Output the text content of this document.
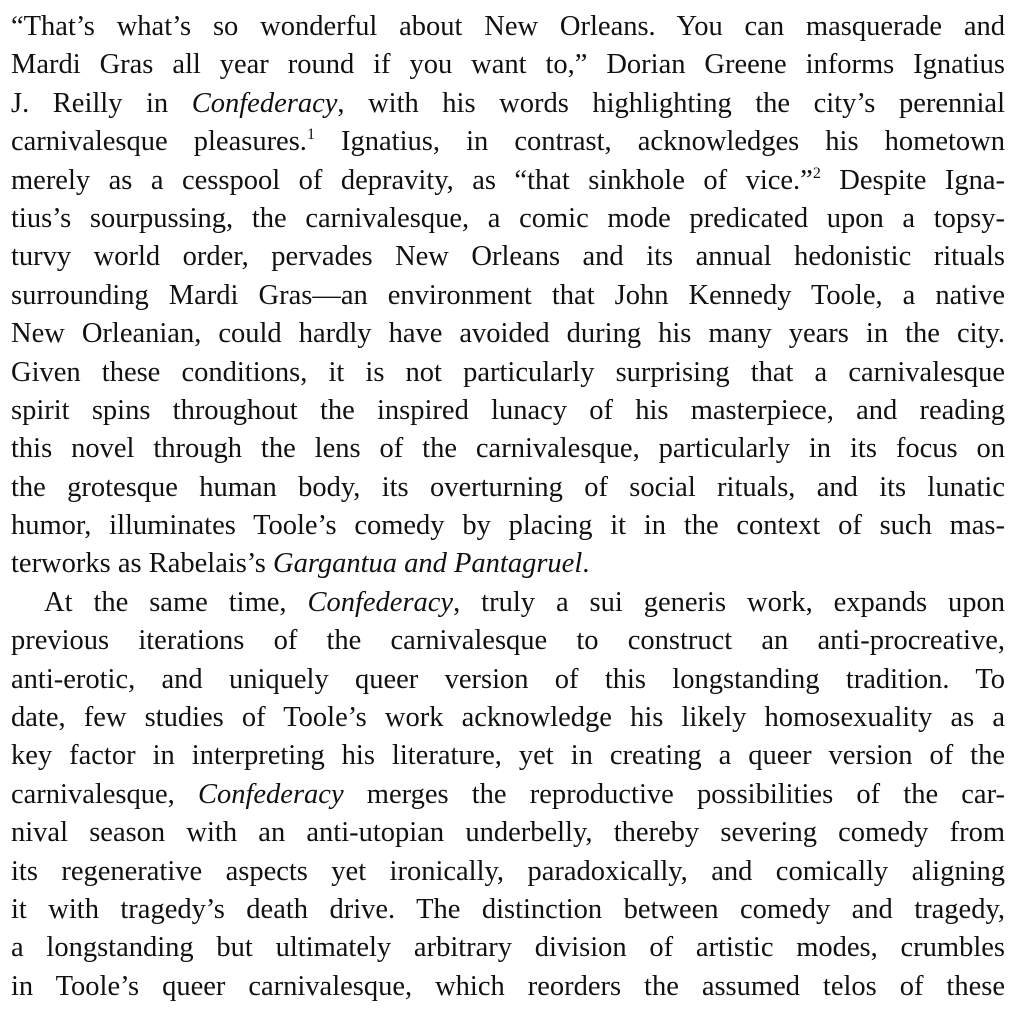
“That’s what’s so wonderful about New Orleans. You can masquerade and
Mardi Gras all year round if you want to,” Dorian Greene informs Ignatius
J. Reilly in Confederacy, with his words highlighting the city’s perennial
carnivalesque pleasures.$^1$ Ignatius, in contrast, acknowledges his hometown
merely as a cesspool of depravity, as “that sinkhole of vice.”$^2$ Despite Igna-
tius’s sourpussing, the carnivalesque, a comic mode predicated upon a topsy-
turvy world order, pervades New Orleans and its annual hedonistic rituals
surrounding Mardi Gras—an environment that John Kennedy Toole, a native
New Orleanian, could hardly have avoided during his many years in the city.
Given these conditions, it is not particularly surprising that a carnivalesque
spirit spins throughout the inspired lunacy of his masterpiece, and reading
this novel through the lens of the carnivalesque, particularly in its focus on
the grotesque human body, its overturning of social rituals, and its lunatic
humor, illuminates Toole’s comedy by placing it in the context of such mas-
terworks as Rabelais’s Gargantua and Pantagruel.
At the same time, Confederacy, truly a sui generis work, expands upon
previous iterations of the carnivalesque to construct an anti-procreative,
anti-erotic, and uniquely queer version of this longstanding tradition. To
date, few studies of Toole’s work acknowledge his likely homosexuality as a
key factor in interpreting his literature, yet in creating a queer version of the
carnivalesque, Confederacy merges the reproductive possibilities of the car-
nival season with an anti-utopian underbelly, thereby severing comedy from
its regenerative aspects yet ironically, paradoxically, and comically aligning
it with tragedy’s death drive. The distinction between comedy and tragedy,
a longstanding but ultimately arbitrary division of artistic modes, crumbles
in Toole’s queer carnivalesque, which reorders the assumed telos of these
